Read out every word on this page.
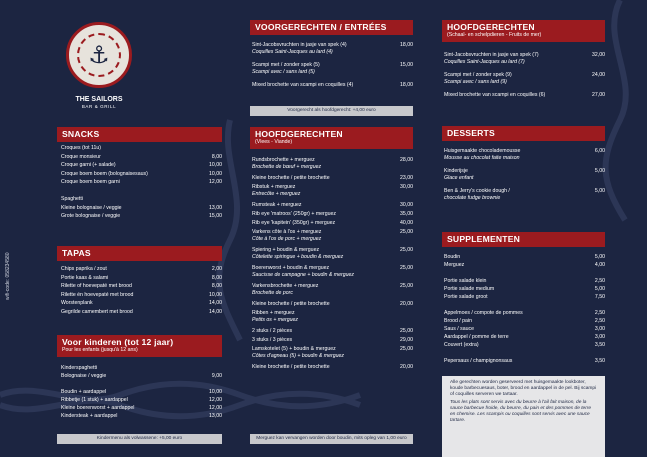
wifi-code: 058234580
⚓
THE SAILORS
BAR & GRILL
SNACKS
Croques (tot 11u)
Croque monsieur	8,00
Croque garni (+ salade)	10,00
Croque boem boem (bolognaisesaus)	10,00
Croque boem boem garni	12,00

Spaghetti
Kleine bolognaise / veggie	13,00
Grote bolognaise / veggie	15,00
TAPAS
Chips paprika / zout	2,00
Portie kaas & salami	8,00
Rilette of hoevepaté met brood	8,00
Rilette én hoevepaté met brood	10,00
Worstenplank	14,00
Gegrilde camembert met brood	14,00
Voor kinderen (tot 12 jaar)
Pour les enfants (jusqu'à 12 ans)
Kinderspaghetti
Bolognaise / veggie	9,00

Boudin + aardappel	10,00
Ribbetje (1 stuk) + aardappel	12,00
Kleine boerenworst + aardappel	12,00
Kindersteak + aardappel	13,00
Kindermenu als volwassene: +5,00 euro
VOORGERECHTEN / ENTRÉES
Sint-Jacobsvruchten in jasje van spek (4)	18,00
Coquilles Saint-Jacques au lard (4)
Scampi met / zonder spek (5)	15,00
Scampi avec / sans lard (5)
Mixed brochette van scampi en coquilles (4)	18,00
Voorgerecht als hoofdgerecht: +4,00 euro
HOOFDGERECHTEN
(Vlees - Viande)
Rundsbrochette + merguez	28,00
Brochette de bœuf + merguez
Kleine brochette / petite brochette	23,00
Ribstuk + merguez	30,00
Entrecôte + merguez
Rumsteak + merguez	30,00
Rib eye 'matroos' (250gr) + merguez	35,00
Rib eye 'kapitein' (350gr) + merguez	40,00
Varkens côte à l'os + merguez	25,00
Côte à l'os de porc + merguez
Spiering + boudin & merguez	25,00
Côtelette spiringue + boudin & merguez
Boerenworst + boudin & merguez	25,00
Saucisse de campagne + boudin & merguez
Varkensbrochette + merguez	25,00
Brochette de porc
Kleine brochette / petite brochette	20,00
Ribben + merguez
Petits os + merguez
2 stuks / 2 pièces	25,00
3 stuks / 3 pièces	29,00
Lamskotelet (5) + boudin & merguez	25,00
Côtes d'agneau (5) + boudin & merguez
Kleine brochette / petite brochette	20,00
Merguez kan vervangen worden door boudin, mits opleg van 1,00 euro
HOOFDGERECHTEN
(Schaal- en schelpdieren - Fruits de mer)
Sint-Jacobsvruchten in jasje van spek (7)	32,00
Coquilles Saint-Jacques au lard (7)
Scampi met / zonder spek (9)	24,00
Scampi avec / sans lard (9)
Mixed brochette van scampi en coquilles (6)	27,00
DESSERTS
Huisgemaakte chocolademousse	6,00
Mousse au chocolat faite maison
Kinderijsje	5,00
Glace enfant
Ben & Jerry's cookie dough /	5,00
chocolate fudge brownie
SUPPLEMENTEN
Boudin	5,00
Merguez	4,00

Portie salade klein	2,50
Portie salade medium	5,00
Portie salade groot	7,50

Appelmoes / compote de pommes	2,50
Brood / pain	2,50
Saus / sauce	3,00
Aardappel / pomme de terre	3,00
Couvert (extra)	3,50

Pepersaus / champignonsaus	3,50

Alle gerechten worden geserveerd met huisgemaakte lookboter, koude barbecuesaus, boter, brood en aardappel in de pel. Bij scampi of coquilles serveren we tartaar.

Tous les plats sont servis avec du beurre à l'ail fait maison, de la sauce barbecue froide, du beurre, du pain et des pommes de terre en chemise. Les scampis ou coquilles sont servis avec une sauce tartare.
